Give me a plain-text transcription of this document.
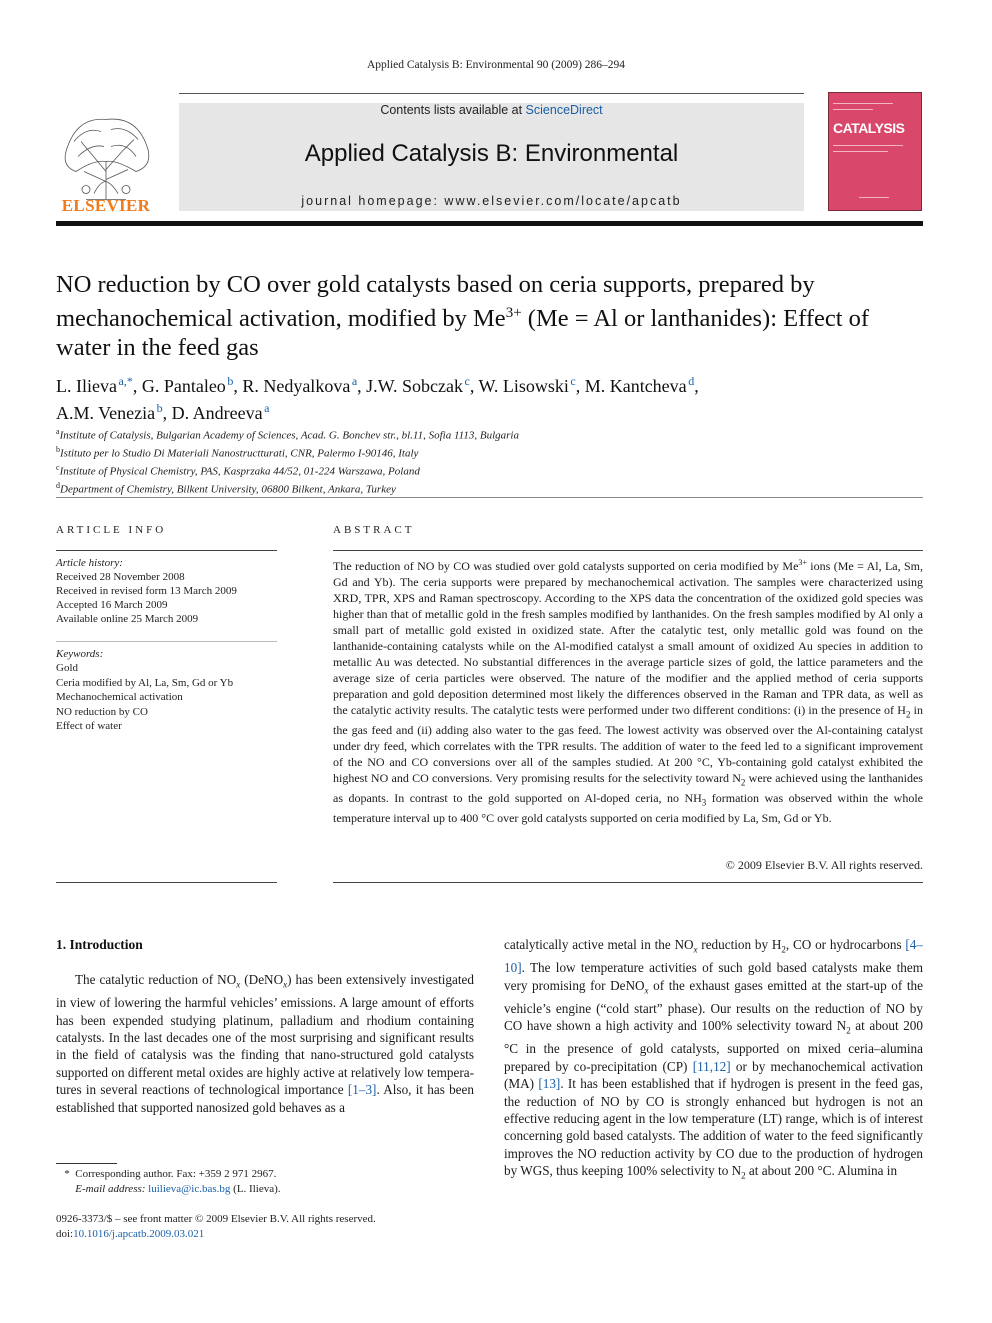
Applied Catalysis B: Environmental 90 (2009) 286–294
ELSEVIER
Contents lists available at ScienceDirect
Applied Catalysis B: Environmental
journal homepage: www.elsevier.com/locate/apcatb
CATALYSIS
NO reduction by CO over gold catalysts based on ceria supports, prepared by mechanochemical activation, modified by $Me^{3+}$ (Me = Al or lanthanides): Effect of water in the feed gas
L. Ilieva  $^{a,*}$, G. Pantaleo  $^b$, R. Nedyalkova  $^a$, J.W. Sobczak  $^c$, W. Lisowski  $^c$, M. Kantcheva  $^d$,
A.M. Venezia  $^b$, D. Andreeva  $^a$
$^a$Institute of Catalysis, Bulgarian Academy of Sciences, Acad. G. Bonchev str., bl.11, Sofia 1113, Bulgaria
$^b$Istituto per lo Studio Di Materiali Nanostructturati, CNR, Palermo I-90146, Italy
$^c$Institute of Physical Chemistry, PAS, Kasprzaka 44/52, 01-224 Warszawa, Poland
$^d$Department of Chemistry, Bilkent University, 06800 Bilkent, Ankara, Turkey
ARTICLE INFO	ABSTRACT
Article history:
Received 28 November 2008
Received in revised form 13 March 2009
Accepted 16 March 2009
Available online 25 March 2009
Keywords:
Gold
Ceria modified by Al, La, Sm, Gd or Yb
Mechanochemical activation
NO reduction by CO
Effect of water
The reduction of NO by CO was studied over gold catalysts supported on ceria modified by $Me^{3+}$ ions (Me = Al, La, Sm, Gd and Yb). The ceria supports were prepared by mechanochemical activation. The samples were characterized using XRD, TPR, XPS and Raman spectroscopy. According to the XPS data the concentration of the oxidized gold species was higher than that of metallic gold in the fresh samples modified by lanthanides. On the fresh samples modified by Al only a small part of metallic gold existed in oxidized state. After the catalytic test, only metallic gold was found on the lanthanide-containing catalysts while on the Al-modified catalyst a small amount of oxidized Au species in addition to metallic Au was detected. No substantial differences in the average particle sizes of gold, the lattice parameters and the average size of ceria particles were observed. The nature of the modifier and the applied method of ceria supports preparation and gold deposition determined most likely the differences observed in the Raman and TPR data, as well as the catalytic activity results. The catalytic tests were performed under two different conditions: (i) in the presence of $H_2$ in the gas feed and (ii) adding also water to the gas feed. The lowest activity was observed over the Al-containing catalyst under dry feed, which correlates with the TPR results. The addition of water to the feed led to a significant improvement of the NO and CO conversions over all of the samples studied. At 200 °C, Yb-containing gold catalyst exhibited the highest NO and CO conversions. Very promising results for the selectivity toward $N_2$ were achieved using the lanthanides as dopants. In contrast to the gold supported on Al-doped ceria, no $NH_3$ formation was observed within the whole temperature interval up to 400 °C over gold catalysts supported on ceria modified by La, Sm, Gd or Yb.
© 2009 Elsevier B.V. All rights reserved.
1. Introduction
The catalytic reduction of $NO_x$ (DeNO$_x$) has been extensively investigated in view of lowering the harmful vehicles’ emissions. A large amount of efforts has been expended studying platinum, palladium and rhodium containing catalysts. In the last decades one of the most surprising and significant results in the field of catalysis was the finding that nano-structured gold catalysts supported on different metal oxides are highly active at relatively low tempera-tures in several reactions of technological importance [1–3]. Also, it has been established that supported nanosized gold behaves as a
catalytically active metal in the $NO_x$ reduction by $H_2$, CO or hydrocarbons [4–10]. The low temperature activities of such gold based catalysts make them very promising for DeNO$_x$ of the exhaust gases emitted at the start-up of the vehicle’s engine (“cold start” phase). Our results on the reduction of NO by CO have shown a high activity and 100% selectivity toward $N_2$ at about 200 °C in the presence of gold catalysts, supported on mixed ceria–alumina prepared by co-precipitation (CP) [11,12] or by mechanochemical activation (MA) [13]. It has been established that if hydrogen is present in the feed gas, the reduction of NO by CO is strongly enhanced but hydrogen is not an effective reducing agent in the low temperature (LT) range, which is of interest concerning gold based catalysts. The addition of water to the feed significantly improves the NO reduction activity by CO due to the production of hydrogen by WGS, thus keeping 100% selectivity to $N_2$ at about 200 °C. Alumina in
*  Corresponding author. Fax: +359 2 971 2967.
E-mail address: luilieva@ic.bas.bg (L. Ilieva).
0926-3373/$ – see front matter © 2009 Elsevier B.V. All rights reserved.
doi:10.1016/j.apcatb.2009.03.021
